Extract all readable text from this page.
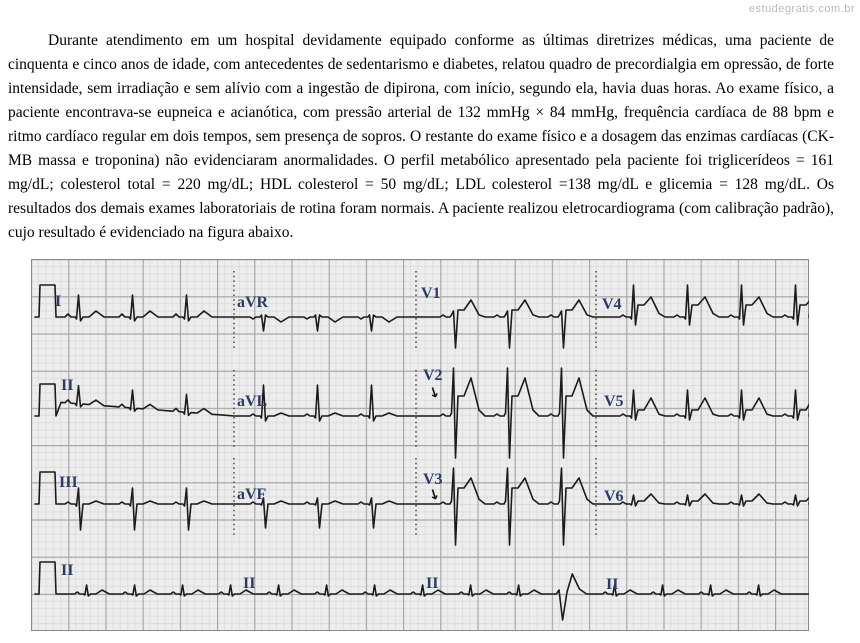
estudegratis.com.br

Durante atendimento em um hospital devidamente equipado conforme as últimas diretrizes médicas, uma paciente de cinquenta e cinco anos de idade, com antecedentes de sedentarismo e diabetes, relatou quadro de precordialgia em opressão, de forte intensidade, sem irradiação e sem alívio com a ingestão de dipirona, com início, segundo ela, havia duas horas. Ao exame físico, a paciente encontrava-se eupneica e acianótica, com pressão arterial de 132 mmHg × 84 mmHg, frequência cardíaca de 88 bpm e ritmo cardíaco regular em dois tempos, sem presença de sopros. O restante do exame físico e a dosagem das enzimas cardíacas (CK-MB massa e troponina) não evidenciaram anormalidades. O perfil metabólico apresentado pela paciente foi triglicerídeos = 161 mg/dL; colesterol total = 220 mg/dL; HDL colesterol = 50 mg/dL; LDL colesterol =138 mg/dL e glicemia = 128 mg/dL. Os resultados dos demais exames laboratoriais de rotina foram normais. A paciente realizou eletrocardiograma (com calibração padrão), cujo resultado é evidenciado na figura abaixo.

I	aVR
V1
V4
II
aVL
V2
V5
III
aVF
V3
V6
II
II	II	II
↓
↓
